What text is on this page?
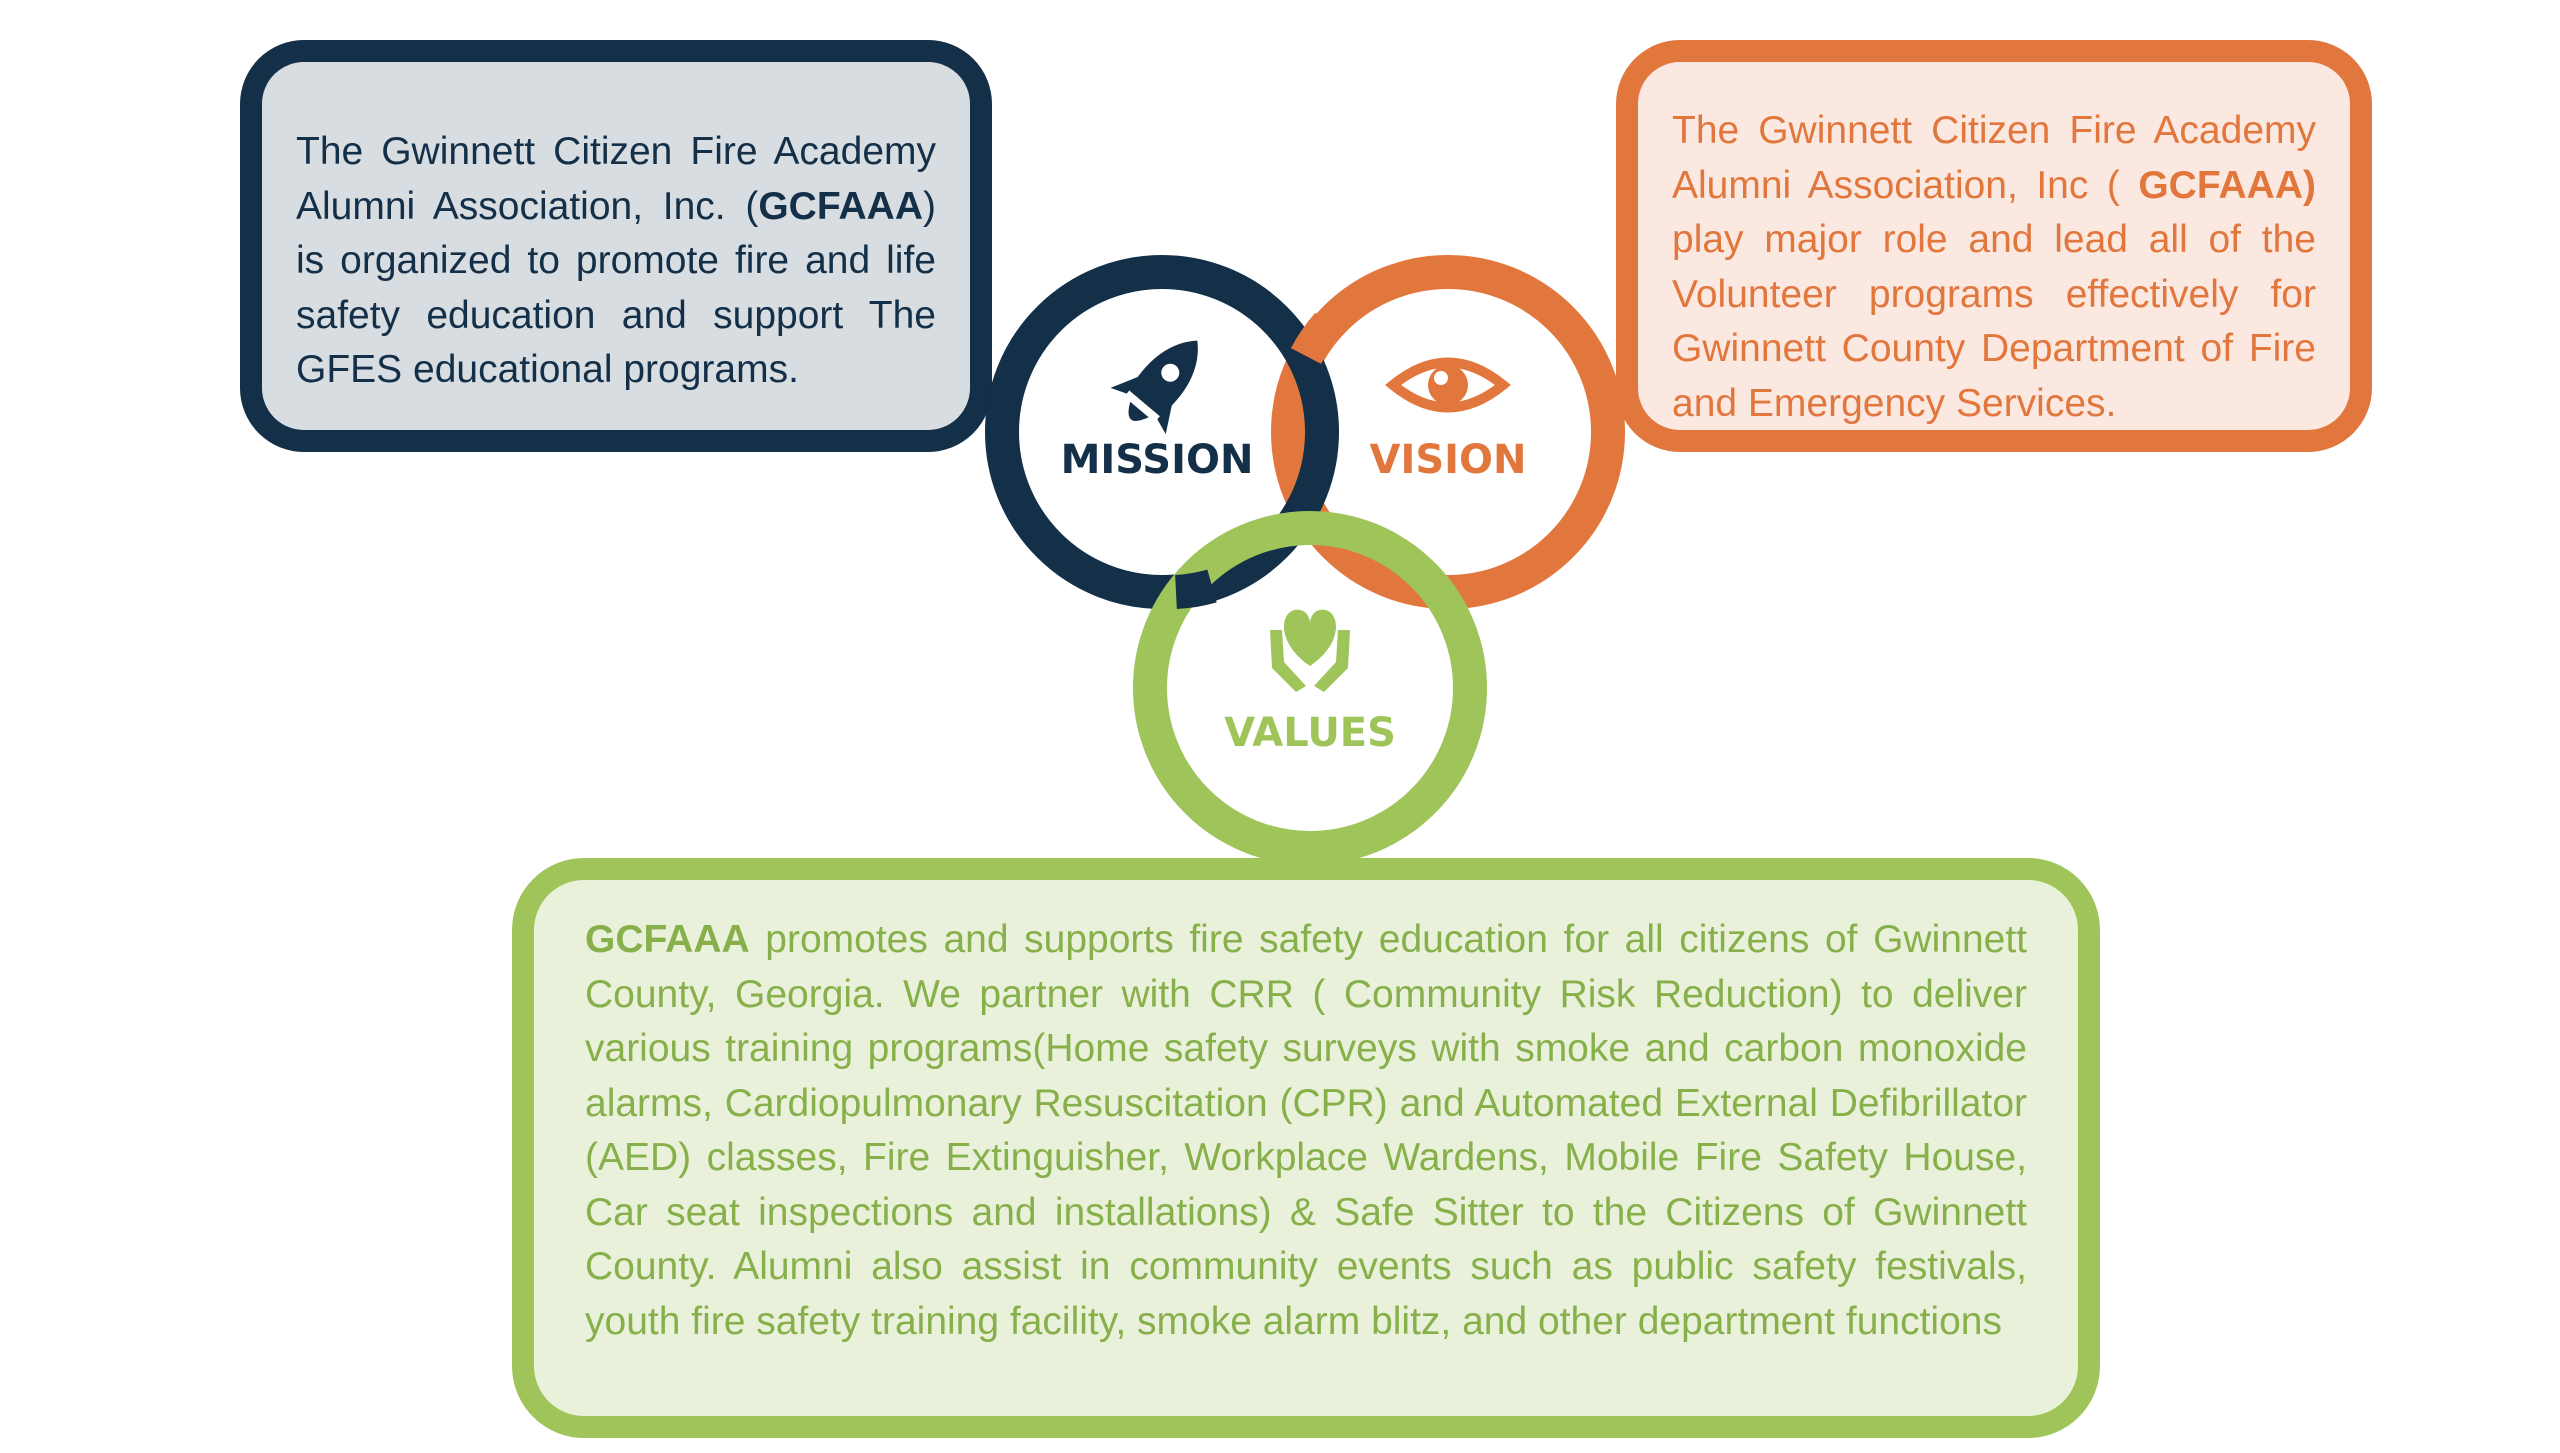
The Gwinnett Citizen Fire Academy Alumni Association, Inc. (GCFAAA) is organized to promote fire and life safety education and support The GFES educational programs.

The Gwinnett Citizen Fire Academy Alumni Association, Inc ( GCFAAA) play major role and lead all of the Volunteer programs effectively for Gwinnett County Department of Fire and Emergency Services.

GCFAAA promotes and supports fire safety education for all citizens of Gwinnett County, Georgia. We partner with CRR ( Community Risk Reduction) to deliver various training programs(Home safety surveys with smoke and carbon monoxide alarms, Cardiopulmonary Resuscitation (CPR) and Automated External Defibrillator (AED) classes, Fire Extinguisher, Workplace Wardens, Mobile Fire Safety House, Car seat inspections and installations) & Safe Sitter to the Citizens of Gwinnett County. Alumni also assist in community events such as public safety festivals, youth fire safety training facility, smoke alarm blitz, and other department functions

MISSION	VISION
VALUES
